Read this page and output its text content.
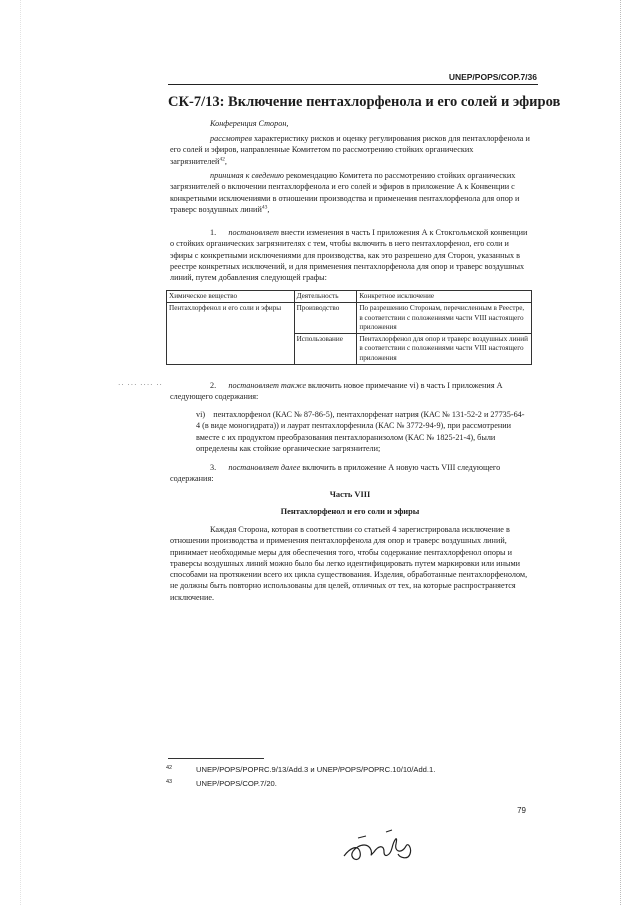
UNEP/POPS/COP.7/36
СК-7/13: Включение пентахлорфенола и его солей и эфиров
Конференция Сторон,
рассмотрев характеристику рисков и оценку регулирования рисков для пентахлорфенола и его солей и эфиров, направленные Комитетом по рассмотрению стойких органических загрязнителей$^{42}$,
принимая к сведению рекомендацию Комитета по рассмотрению стойких органических загрязнителей о включении пентахлорфенола и его солей и эфиров в приложение А к Конвенции с конкретными исключениями в отношении производства и применения пентахлорфенола для опор и траверс воздушных линий$^{43}$,
1. постановляет внести изменения в часть I приложения А к Стокгольмской конвенции о стойких органических загрязнителях с тем, чтобы включить в него пентахлорфенол, его соли и эфиры с конкретными исключениями для производства, как это разрешено для Сторон, указанных в реестре конкретных исключений, и для применения пентахлорфенола для опор и траверс воздушных линий, путем добавления следующей графы:
Химическое вещество	Деятельность	Конкретное исключение
Пентахлорфенол и его соли и эфиры	Производство	По разрешению Сторонам, перечисленным в Реестре, в соответствии с положениями части VIII настоящего приложения
	Использование	Пентахлорфенол для опор и траверс воздушных линий в соответствии с положениями части VIII настоящего приложения
·· ··· ···· ··	2. постановляет также включить новое примечание vi) в часть I приложения А следующего содержания:
vi) пентахлорфенол (КАС № 87-86-5), пентахлорфенат натрия (КАС № 131-52-2 и 27735-64-4 (в виде моногидрата)) и лаурат пентахлорфенила (КАС № 3772-94-9), при рассмотрении вместе с их продуктом преобразования пентахлоранизолом (КАС № 1825-21-4), были определены как стойкие органические загрязнители;
3. постановляет далее включить в приложение А новую часть VIII следующего содержания:
Часть VIII
Пентахлорфенол и его соли и эфиры
Каждая Сторона, которая в соответствии со статьей 4 зарегистрировала исключение в отношении производства и применения пентахлорфенола для опор и траверс воздушных линий, принимает необходимые меры для обеспечения того, чтобы содержание пентахлорфенол опоры и траверсы воздушных линий можно было бы легко идентифицировать путем маркировки или иными способами на протяжении всего их цикла существования. Изделия, обработанные пентахлорфенолом, не должны быть повторно использованы для целей, отличных от тех, на которые распространяется исключение.
42	UNEP/POPS/POPRC.9/13/Add.3 и UNEP/POPS/POPRC.10/10/Add.1.
43	UNEP/POPS/COP.7/20.
79
